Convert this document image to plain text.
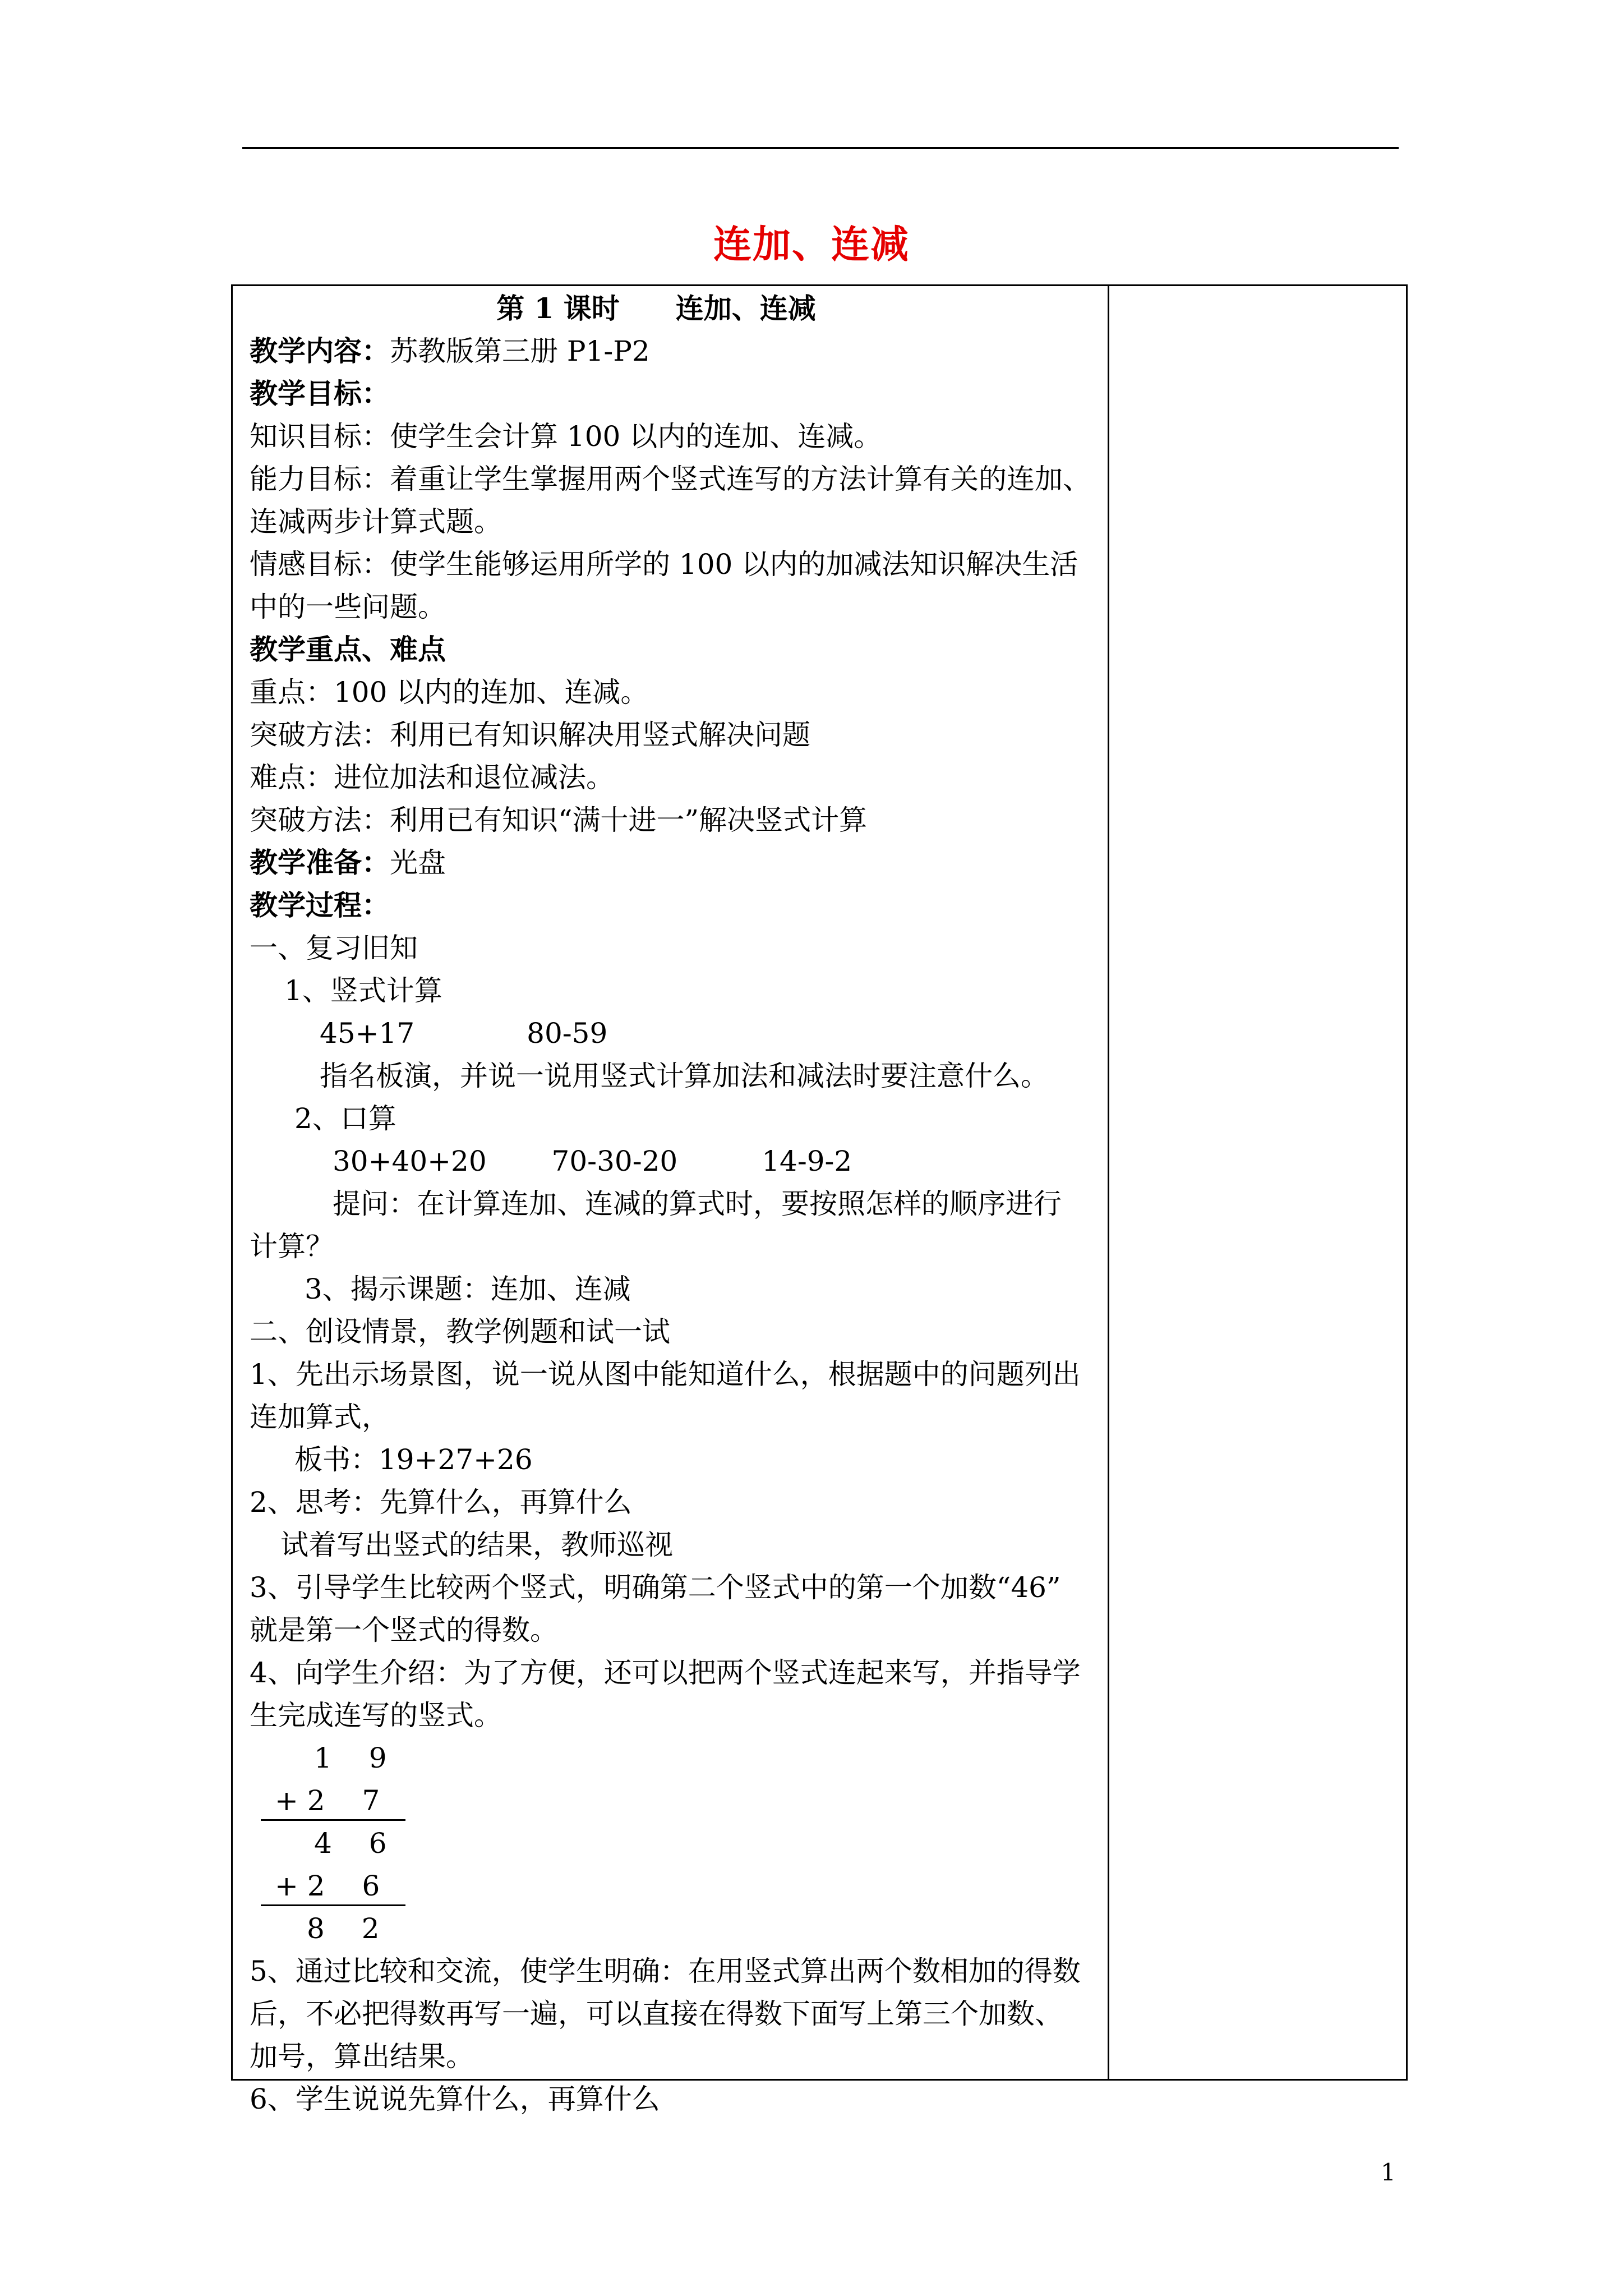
连加、连减
第 1 课时　　连加、连减
教学内容：苏教版第三册 P1-P2
教学目标：
知识目标：使学生会计算 100 以内的连加、连减。
能力目标：着重让学生掌握用两个竖式连写的方法计算有关的连加、
连减两步计算式题。
情感目标：使学生能够运用所学的 100 以内的加减法知识解决生活
中的一些问题。
教学重点、难点
重点：100 以内的连加、连减。
突破方法：利用已有知识解决用竖式解决问题
难点：进位加法和退位减法。
突破方法：利用已有知识“满十进一”解决竖式计算
教学准备：光盘
教学过程：
一、复习旧知
1、竖式计算
45+17　　　　80-59
指名板演，并说一说用竖式计算加法和减法时要注意什么。
2、口算
30+40+20　　 70-30-20　　　14-9-2
提问：在计算连加、连减的算式时，要按照怎样的顺序进行
计算？
3、揭示课题：连加、连减
二、创设情景，教学例题和试一试
1、先出示场景图，说一说从图中能知道什么，根据题中的问题列出
连加算式，
板书：19+27+26
2、思考：先算什么，再算什么
试着写出竖式的结果，教师巡视
3、引导学生比较两个竖式，明确第二个竖式中的第一个加数“46”
就是第一个竖式的得数。
4、向学生介绍：为了方便，还可以把两个竖式连起来写，并指导学
生完成连写的竖式。
1　 9
+ 2　 7
4　 6
+ 2　 6
8　 2
5、通过比较和交流，使学生明确：在用竖式算出两个数相加的得数
后，不必把得数再写一遍，可以直接在得数下面写上第三个加数、
加号，算出结果。
6、学生说说先算什么，再算什么
1
